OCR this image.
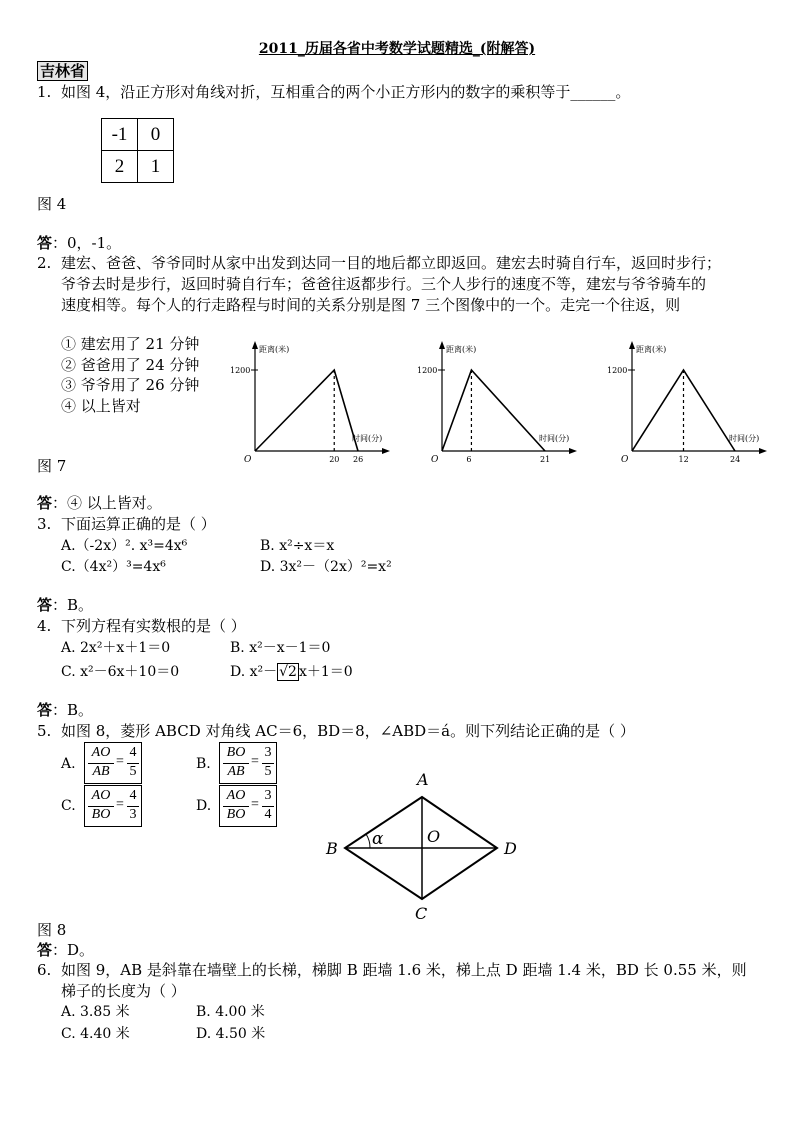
2011_历届各省中考数学试题精选_(附解答)
吉林省
1. 如图 4，沿正方形对角线对折，互相重合的两个小正方形内的数字的乘积等于______。
-1	0
2	1
图 4
答：0，-1。
2. 建宏、爸爸、爷爷同时从家中出发到达同一目的地后都立即返回。建宏去时骑自行车，返回时步行；
爷爷去时是步行，返回时骑自行车；爸爸往返都步行。三个人步行的速度不等，建宏与爷爷骑车的
速度相等。每个人的行走路程与时间的关系分别是图 7 三个图像中的一个。走完一个往返，则
① 建宏用了 21 分钟
② 爸爸用了 24 分钟
③ 爷爷用了 26 分钟
④ 以上皆对
距离(米)
时间(分)
1200
O	20 26
距离(米)
时间(分)
1200
O	6	21
距离(米)
时间(分)
1200
O	12	24
图 7
答：④ 以上皆对。
3. 下面运算正确的是（ ）
A.（-2x）². x³=4x⁶	B. x²÷x＝x
C.（4x²）³=4x⁶	D. 3x²－（2x）²=x²
答：B。
4. 下列方程有实数根的是（ ）
A. 2x²＋x＋1＝0	B. x²－x－1＝0
C. x²－6x＋10＝0	D. x²－ √2 x＋1＝0
答：B。
5. 如图 8，菱形 ABCD 对角线 AC＝6，BD＝8，∠ABD＝á。则下列结论正确的是（ ）
A.
AO
AB
=
4
5	B.
BO
AB
=
3
5
C.
AO
BO
=
4
3
D.
AO
BO
=
3
4
A
B
C
D
O
α
图 8
答：D。
6. 如图 9，AB 是斜靠在墙壁上的长梯，梯脚 B 距墙 1.6 米，梯上点 D 距墙 1.4 米，BD 长 0.55 米，则
梯子的长度为（ ）
A. 3.85 米	B. 4.00 米
C. 4.40 米	D. 4.50 米
